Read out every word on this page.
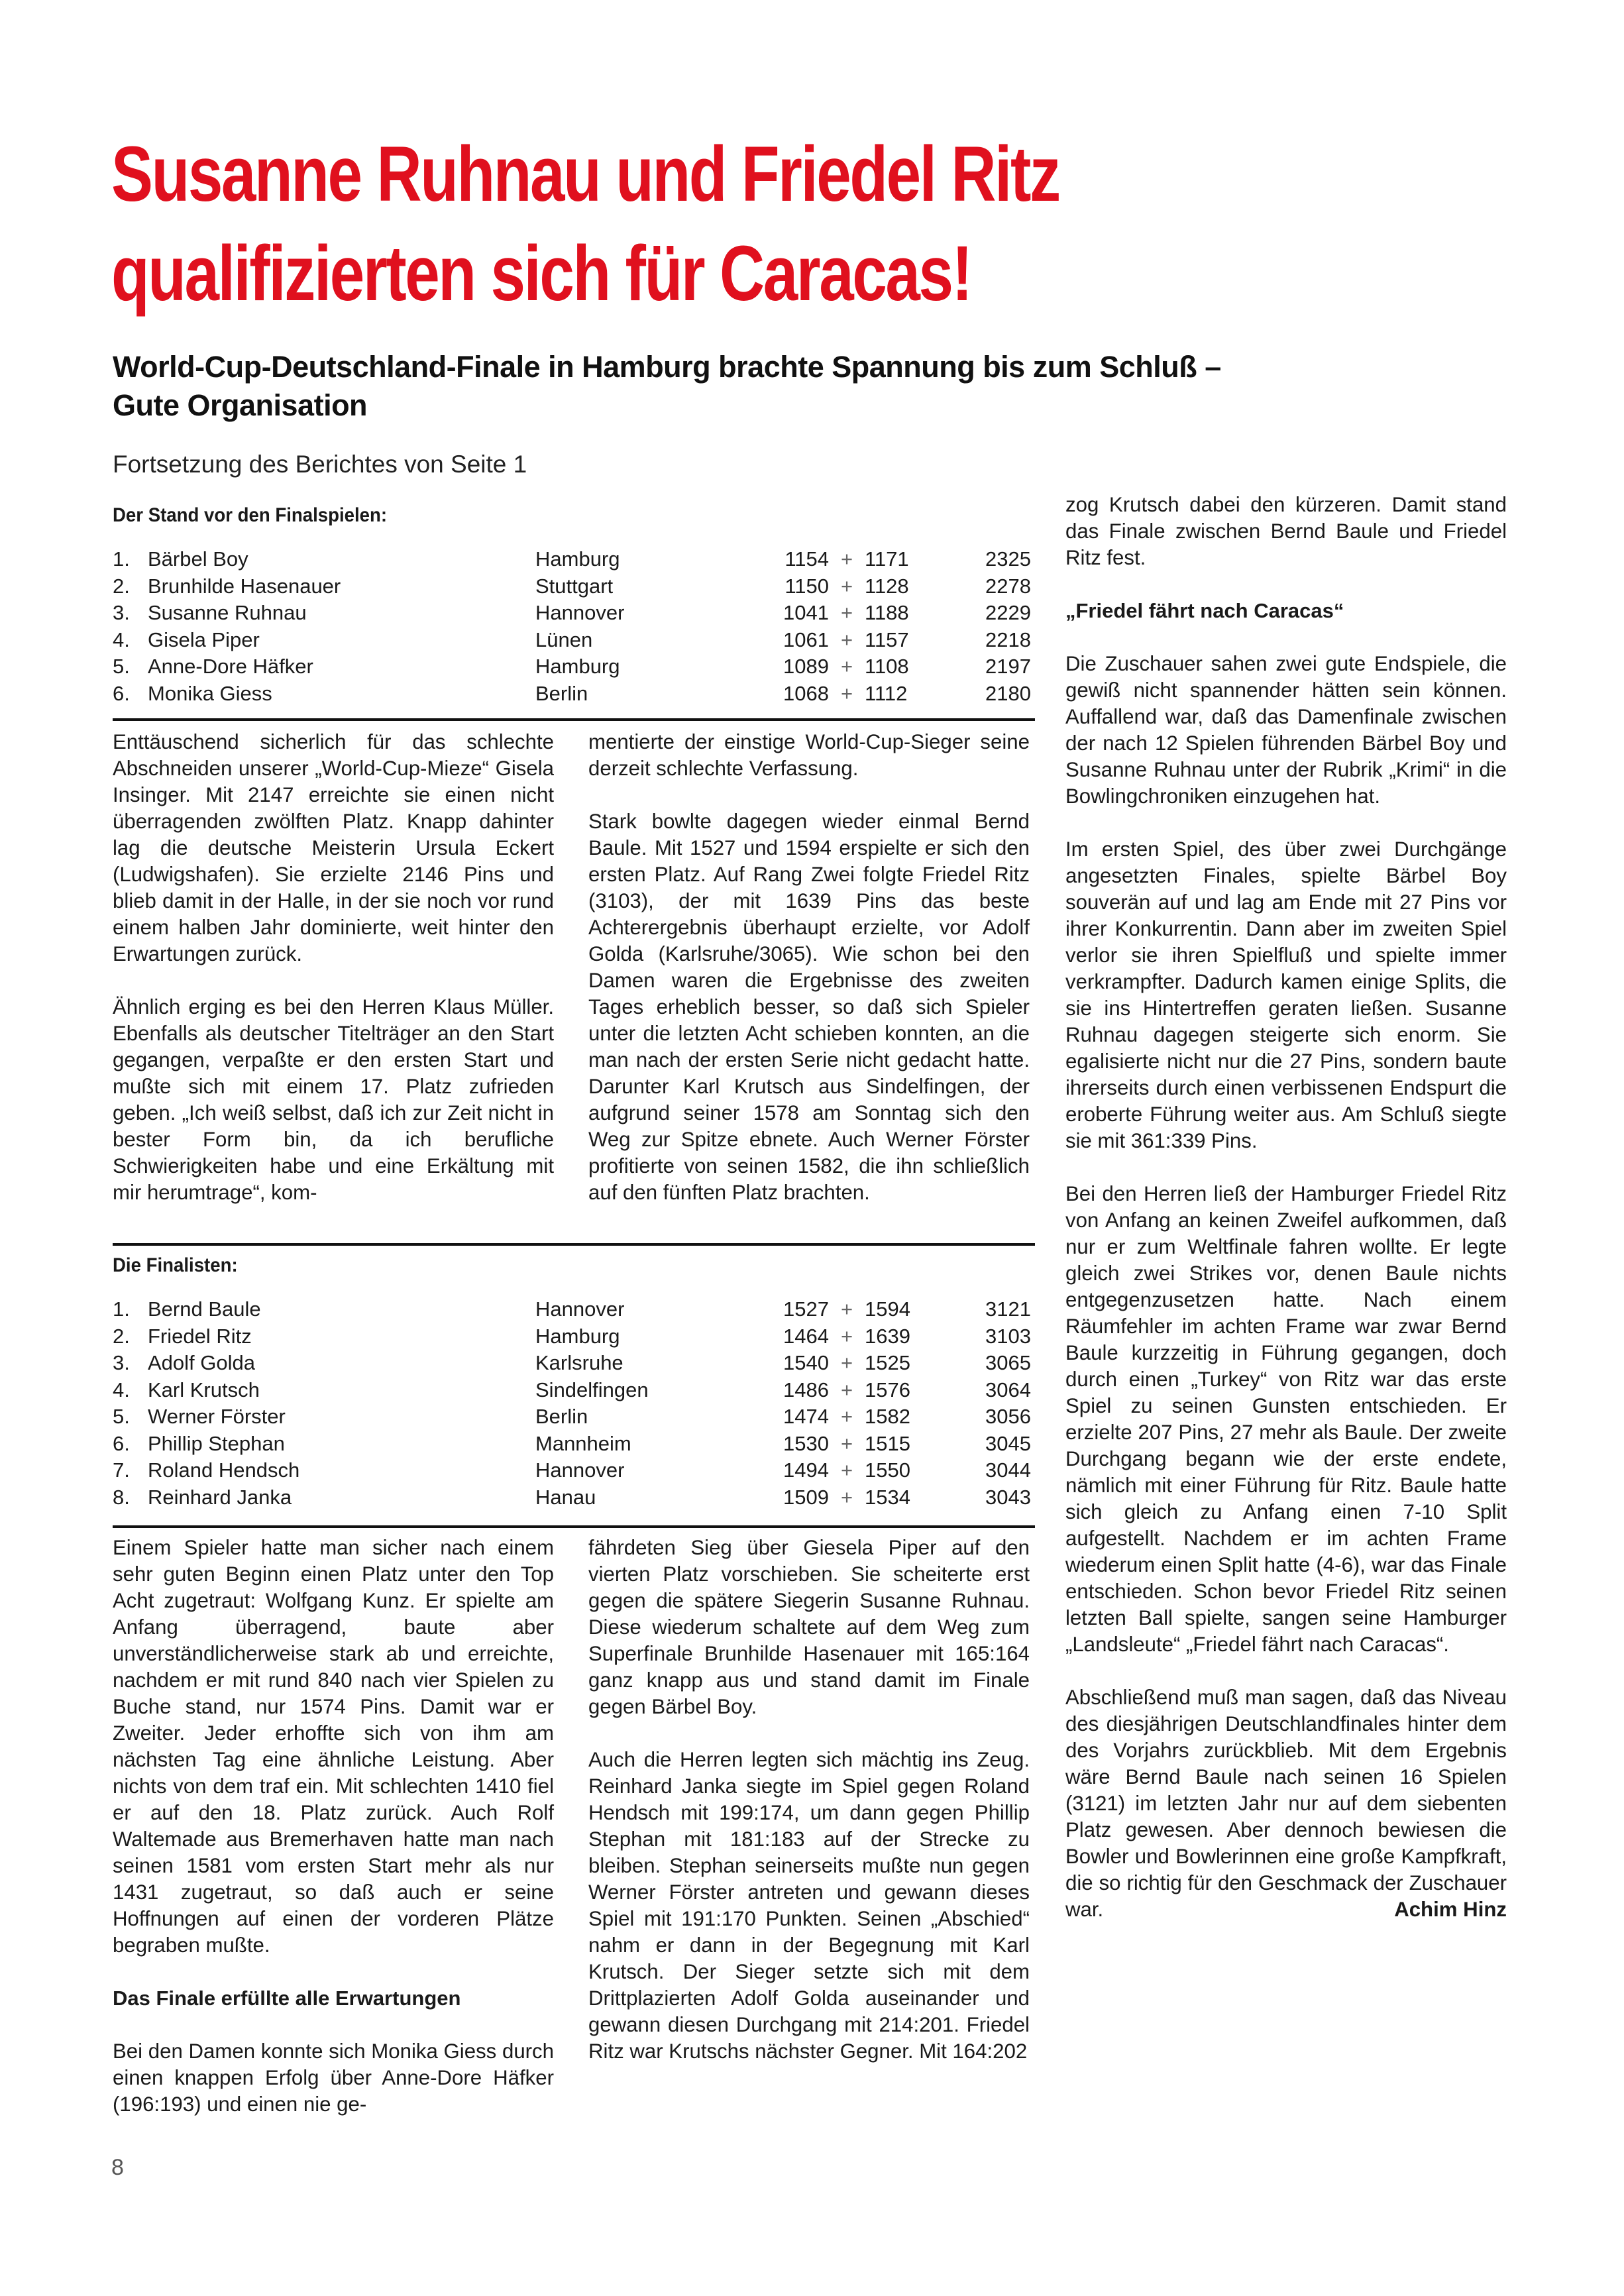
Susanne Ruhnau und Friedel Ritz
qualifizierten sich für Caracas!
World-Cup-Deutschland-Finale in Hamburg brachte Spannung bis zum Schluß –
Gute Organisation
Fortsetzung des Berichtes von Seite 1
Der Stand vor den Finalspielen:
1. Bärbel Boy	Hamburg	1154 + 1171	2325
2. Brunhilde Hasenauer	Stuttgart	1150 + 1128	2278
3. Susanne Ruhnau	Hannover	1041 + 1188	2229
4. Gisela Piper	Lünen	1061 + 1157	2218
5. Anne-Dore Häfker	Hamburg	1089 + 1108	2197
6. Monika Giess	Berlin	1068 + 1112	2180

Enttäuschend sicherlich für das schlechte Abschneiden unserer „World-Cup-Mieze“ Gisela Insinger. Mit 2147 erreichte sie einen nicht überragenden zwölften Platz. Knapp dahinter lag die deutsche Meisterin Ursula Eckert (Ludwigshafen). Sie erzielte 2146 Pins und blieb damit in der Halle, in der sie noch vor rund einem halben Jahr dominierte, weit hinter den Erwartungen zurück.

Ähnlich erging es bei den Herren Klaus Müller. Ebenfalls als deutscher Titelträger an den Start gegangen, verpaßte er den ersten Start und mußte sich mit einem 17. Platz zufrieden geben. „Ich weiß selbst, daß ich zur Zeit nicht in bester Form bin, da ich berufliche Schwierigkeiten habe und eine Erkältung mit mir herumtrage“, kom-

mentierte der einstige World-Cup-Sieger seine derzeit schlechte Verfassung.

Stark bowlte dagegen wieder einmal Bernd Baule. Mit 1527 und 1594 erspielte er sich den ersten Platz. Auf Rang Zwei folgte Friedel Ritz (3103), der mit 1639 Pins das beste Achterergebnis überhaupt erzielte, vor Adolf Golda (Karlsruhe/3065). Wie schon bei den Damen waren die Ergebnisse des zweiten Tages erheblich besser, so daß sich Spieler unter die letzten Acht schieben konnten, an die man nach der ersten Serie nicht gedacht hatte. Darunter Karl Krutsch aus Sindelfingen, der aufgrund seiner 1578 am Sonntag sich den Weg zur Spitze ebnete. Auch Werner Förster profitierte von seinen 1582, die ihn schließlich auf den fünften Platz brachten.

Die Finalisten:
1. Bernd Baule	Hannover	1527 + 1594	3121
2. Friedel Ritz	Hamburg	1464 + 1639	3103
3. Adolf Golda	Karlsruhe	1540 + 1525	3065
4. Karl Krutsch	Sindelfingen	1486 + 1576	3064
5. Werner Förster	Berlin	1474 + 1582	3056
6. Phillip Stephan	Mannheim	1530 + 1515	3045
7. Roland Hendsch	Hannover	1494 + 1550	3044
8. Reinhard Janka	Hanau	1509 + 1534	3043

Einem Spieler hatte man sicher nach einem sehr guten Beginn einen Platz unter den Top Acht zugetraut: Wolfgang Kunz. Er spielte am Anfang überragend, baute aber unverständlicherweise stark ab und erreichte, nachdem er mit rund 840 nach vier Spielen zu Buche stand, nur 1574 Pins. Damit war er Zweiter. Jeder erhoffte sich von ihm am nächsten Tag eine ähnliche Leistung. Aber nichts von dem traf ein. Mit schlechten 1410 fiel er auf den 18. Platz zurück. Auch Rolf Waltemade aus Bremerhaven hatte man nach seinen 1581 vom ersten Start mehr als nur 1431 zugetraut, so daß auch er seine Hoffnungen auf einen der vorderen Plätze begraben mußte.

Das Finale erfüllte alle Erwartungen

Bei den Damen konnte sich Monika Giess durch einen knappen Erfolg über Anne-Dore Häfker (196:193) und einen nie ge-

fährdeten Sieg über Giesela Piper auf den vierten Platz vorschieben. Sie scheiterte erst gegen die spätere Siegerin Susanne Ruhnau. Diese wiederum schaltete auf dem Weg zum Superfinale Brunhilde Hasenauer mit 165:164 ganz knapp aus und stand damit im Finale gegen Bärbel Boy.

Auch die Herren legten sich mächtig ins Zeug. Reinhard Janka siegte im Spiel gegen Roland Hendsch mit 199:174, um dann gegen Phillip Stephan mit 181:183 auf der Strecke zu bleiben. Stephan seinerseits mußte nun gegen Werner Förster antreten und gewann dieses Spiel mit 191:170 Punkten. Seinen „Abschied“ nahm er dann in der Begegnung mit Karl Krutsch. Der Sieger setzte sich mit dem Drittplazierten Adolf Golda auseinander und gewann diesen Durchgang mit 214:201. Friedel Ritz war Krutschs nächster Gegner. Mit 164:202

zog Krutsch dabei den kürzeren. Damit stand das Finale zwischen Bernd Baule und Friedel Ritz fest.

„Friedel fährt nach Caracas“

Die Zuschauer sahen zwei gute Endspiele, die gewiß nicht spannender hätten sein können. Auffallend war, daß das Damenfinale zwischen der nach 12 Spielen führenden Bärbel Boy und Susanne Ruhnau unter der Rubrik „Krimi“ in die Bowlingchroniken einzugehen hat.

Im ersten Spiel, des über zwei Durchgänge angesetzten Finales, spielte Bärbel Boy souverän auf und lag am Ende mit 27 Pins vor ihrer Konkurrentin. Dann aber im zweiten Spiel verlor sie ihren Spielfluß und spielte immer verkrampfter. Dadurch kamen einige Splits, die sie ins Hintertreffen geraten ließen. Susanne Ruhnau dagegen steigerte sich enorm. Sie egalisierte nicht nur die 27 Pins, sondern baute ihrerseits durch einen verbissenen Endspurt die eroberte Führung weiter aus. Am Schluß siegte sie mit 361:339 Pins.

Bei den Herren ließ der Hamburger Friedel Ritz von Anfang an keinen Zweifel aufkommen, daß nur er zum Weltfinale fahren wollte. Er legte gleich zwei Strikes vor, denen Baule nichts entgegenzusetzen hatte. Nach einem Räumfehler im achten Frame war zwar Bernd Baule kurzzeitig in Führung gegangen, doch durch einen „Turkey“ von Ritz war das erste Spiel zu seinen Gunsten entschieden. Er erzielte 207 Pins, 27 mehr als Baule. Der zweite Durchgang begann wie der erste endete, nämlich mit einer Führung für Ritz. Baule hatte sich gleich zu Anfang einen 7-10 Split aufgestellt. Nachdem er im achten Frame wiederum einen Split hatte (4-6), war das Finale entschieden. Schon bevor Friedel Ritz seinen letzten Ball spielte, sangen seine Hamburger „Landsleute“ „Friedel fährt nach Caracas“.

Abschließend muß man sagen, daß das Niveau des diesjährigen Deutschlandfinales hinter dem des Vorjahrs zurückblieb. Mit dem Ergebnis wäre Bernd Baule nach seinen 16 Spielen (3121) im letzten Jahr nur auf dem siebenten Platz gewesen. Aber dennoch bewiesen die Bowler und Bowlerinnen eine große Kampfkraft, die so richtig für den Geschmack der Zuschauer war.	Achim Hinz

8
